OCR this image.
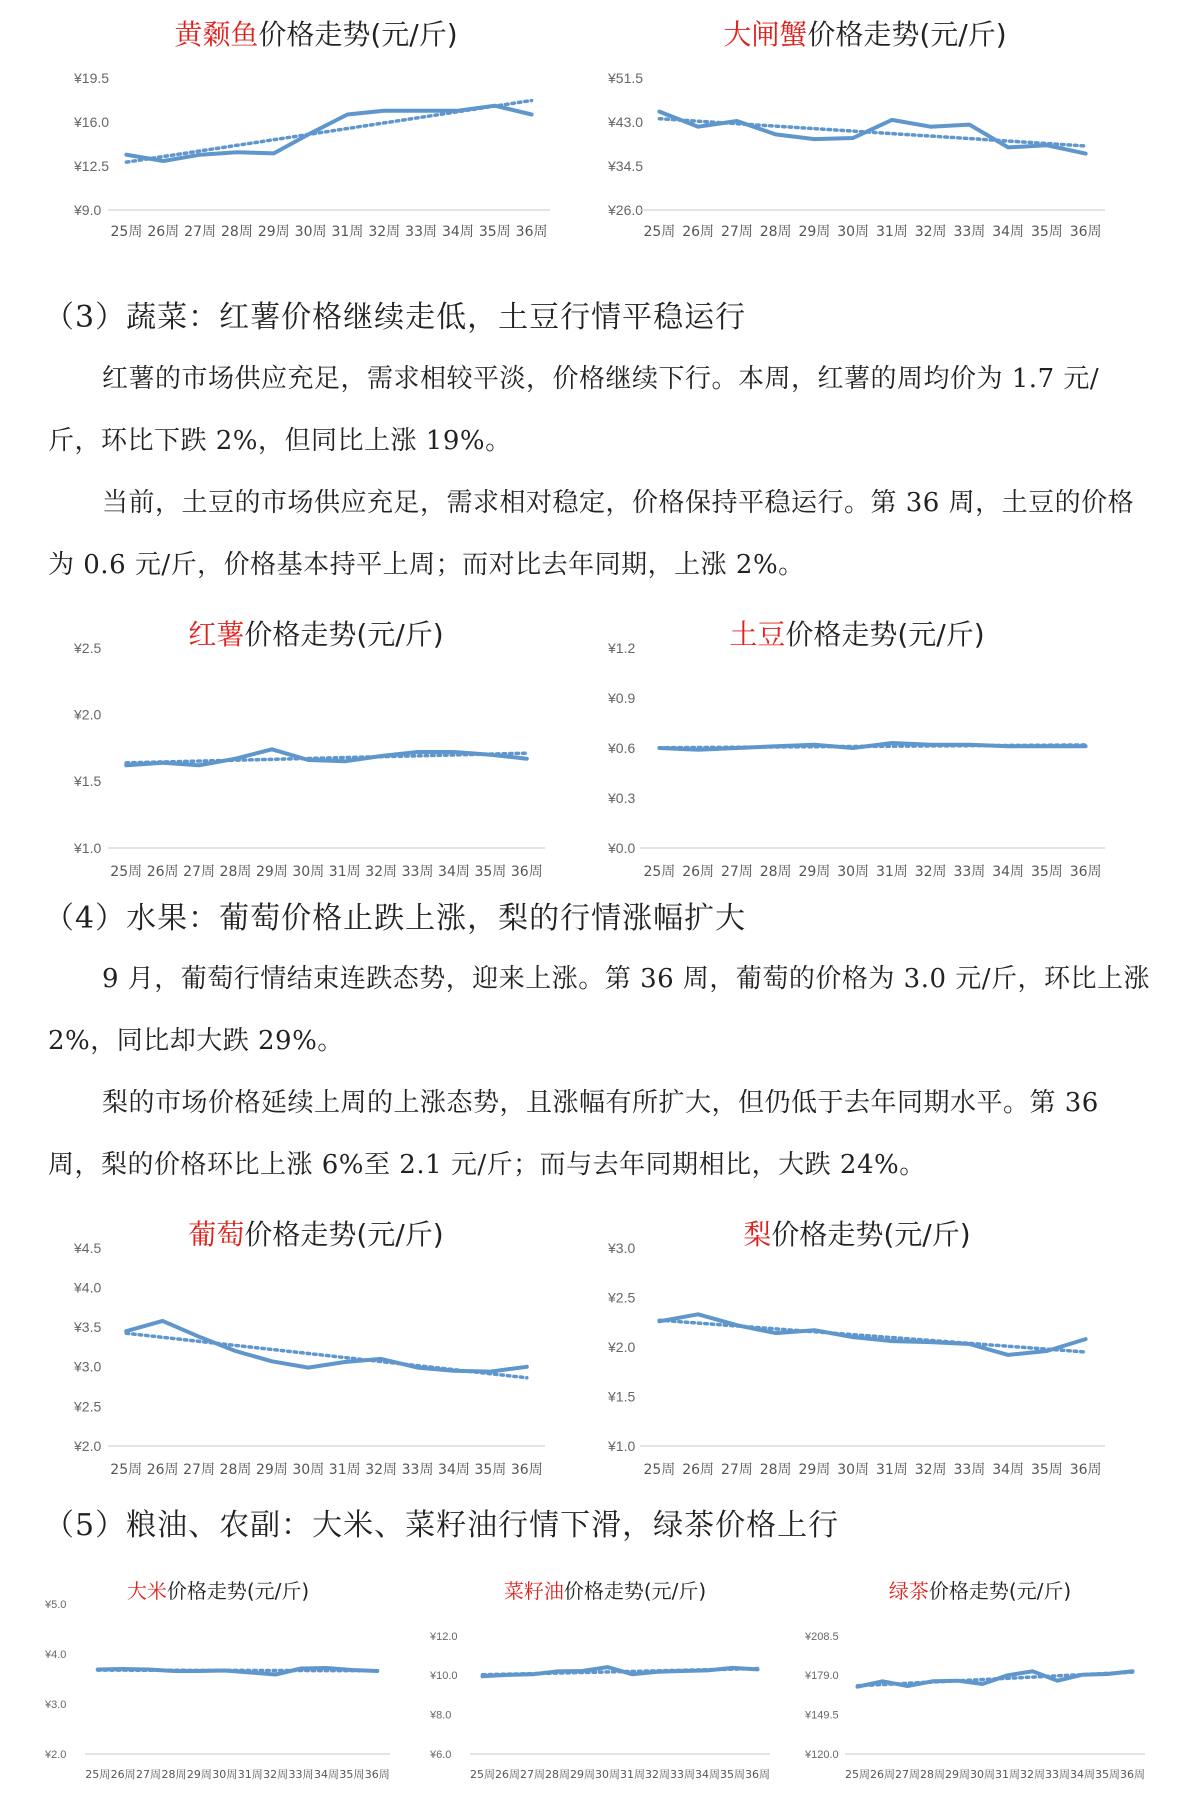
黄颡鱼价格走势(元/斤)
¥19.5
¥16.0
¥12.5
¥9.0
25周 26周 27周 28周 29周 30周 31周 32周 33周 34周 35周 36周
大闸蟹价格走势(元/斤)
¥51.5
¥43.0
¥34.5
¥26.0
25周 26周 27周 28周 29周 30周 31周 32周 33周 34周 35周 36周
（3）蔬菜：红薯价格继续走低，土豆行情平稳运行

红薯的市场供应充足，需求相较平淡，价格继续下行。本周，红薯的周均价为 1.7 元/斤，环比下跌 2%，但同比上涨 19%。

当前，土豆的市场供应充足，需求相对稳定，价格保持平稳运行。第 36 周，土豆的价格为 0.6 元/斤，价格基本持平上周；而对比去年同期，上涨 2%。

红薯价格走势(元/斤)
¥2.5
¥2.0
¥1.5
¥1.0
25周 26周 27周 28周 29周 30周 31周 32周 33周 34周 35周 36周
土豆价格走势(元/斤)
¥1.2
¥0.9
¥0.6
¥0.3
¥0.0
25周 26周 27周 28周 29周 30周 31周 32周 33周 34周 35周 36周
（4）水果：葡萄价格止跌上涨，梨的行情涨幅扩大

9 月，葡萄行情结束连跌态势，迎来上涨。第 36 周，葡萄的价格为 3.0 元/斤，环比上涨 2%，同比却大跌 29%。

梨的市场价格延续上周的上涨态势，且涨幅有所扩大，但仍低于去年同期水平。第 36 周，梨的价格环比上涨 6%至 2.1 元/斤；而与去年同期相比，大跌 24%。

葡萄价格走势(元/斤)
¥4.5
¥4.0
¥3.5
¥3.0
¥2.5
¥2.0
25周 26周 27周 28周 29周 30周 31周 32周 33周 34周 35周 36周
梨价格走势(元/斤)
¥3.0
¥2.5
¥2.0
¥1.5
¥1.0
25周 26周 27周 28周 29周 30周 31周 32周 33周 34周 35周 36周
（5）粮油、农副：大米、菜籽油行情下滑，绿茶价格上行
大米价格走势(元/斤)
¥5.0
¥4.0
¥3.0
¥2.0
25周 26周 27周 28周 29周 30周 31周 32周 33周 34周 35周 36周
菜籽油价格走势(元/斤)
¥12.0
¥10.0
¥8.0
¥6.0
25周 26周 27周 28周 29周 30周 31周 32周 33周 34周 35周 36周
绿茶价格走势(元/斤)
¥208.5
¥179.0
¥149.5
¥120.0
25周 26周 27周 28周 29周 30周 31周 32周 33周 34周 35周 36周
